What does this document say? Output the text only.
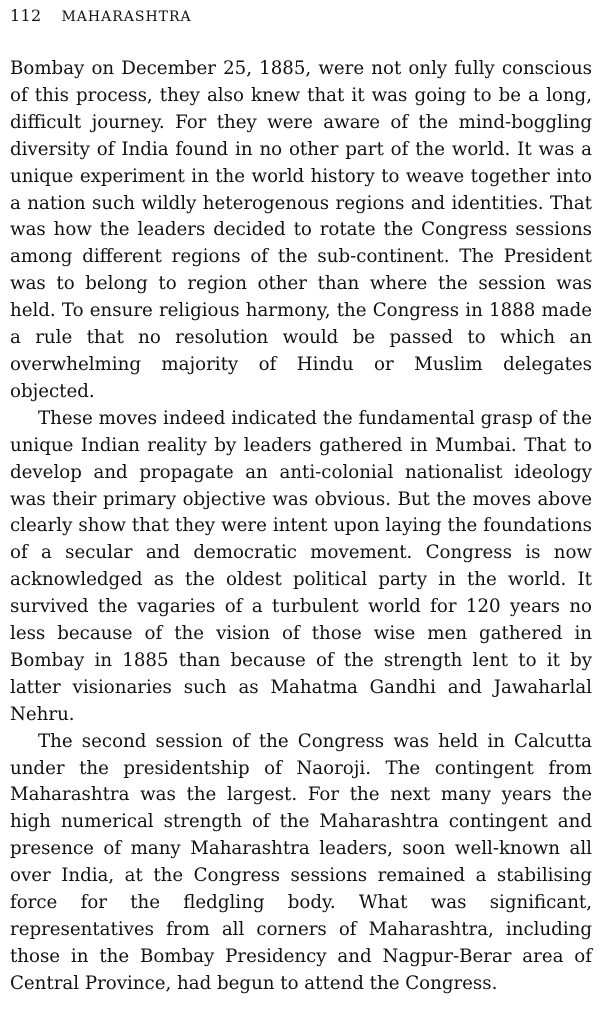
112 MAHARASHTRA

Bombay on December 25, 1885, were not only fully conscious of this process, they also knew that it was going to be a long, difficult journey. For they were aware of the mind-boggling diversity of India found in no other part of the world. It was a unique experiment in the world history to weave together into a nation such wildly heterogenous regions and identities. That was how the leaders decided to rotate the Congress sessions among different regions of the sub-continent. The President was to belong to region other than where the session was held. To ensure religious harmony, the Congress in 1888 made a rule that no resolution would be passed to which an overwhelming majority of Hindu or Muslim delegates objected.

These moves indeed indicated the fundamental grasp of the unique Indian reality by leaders gathered in Mumbai. That to develop and propagate an anti-colonial nationalist ideology was their primary objective was obvious. But the moves above clearly show that they were intent upon laying the foundations of a secular and democratic movement. Congress is now acknowledged as the oldest political party in the world. It survived the vagaries of a turbulent world for 120 years no less because of the vision of those wise men gathered in Bombay in 1885 than because of the strength lent to it by latter visionaries such as Mahatma Gandhi and Jawaharlal Nehru.

The second session of the Congress was held in Calcutta under the presidentship of Naoroji. The contingent from Maharashtra was the largest. For the next many years the high numerical strength of the Maharashtra contingent and presence of many Maharashtra leaders, soon well-known all over India, at the Congress sessions remained a stabilising force for the fledgling body. What was significant, representatives from all corners of Maharashtra, including those in the Bombay Presidency and Nagpur-Berar area of Central Province, had begun to attend the Congress.
